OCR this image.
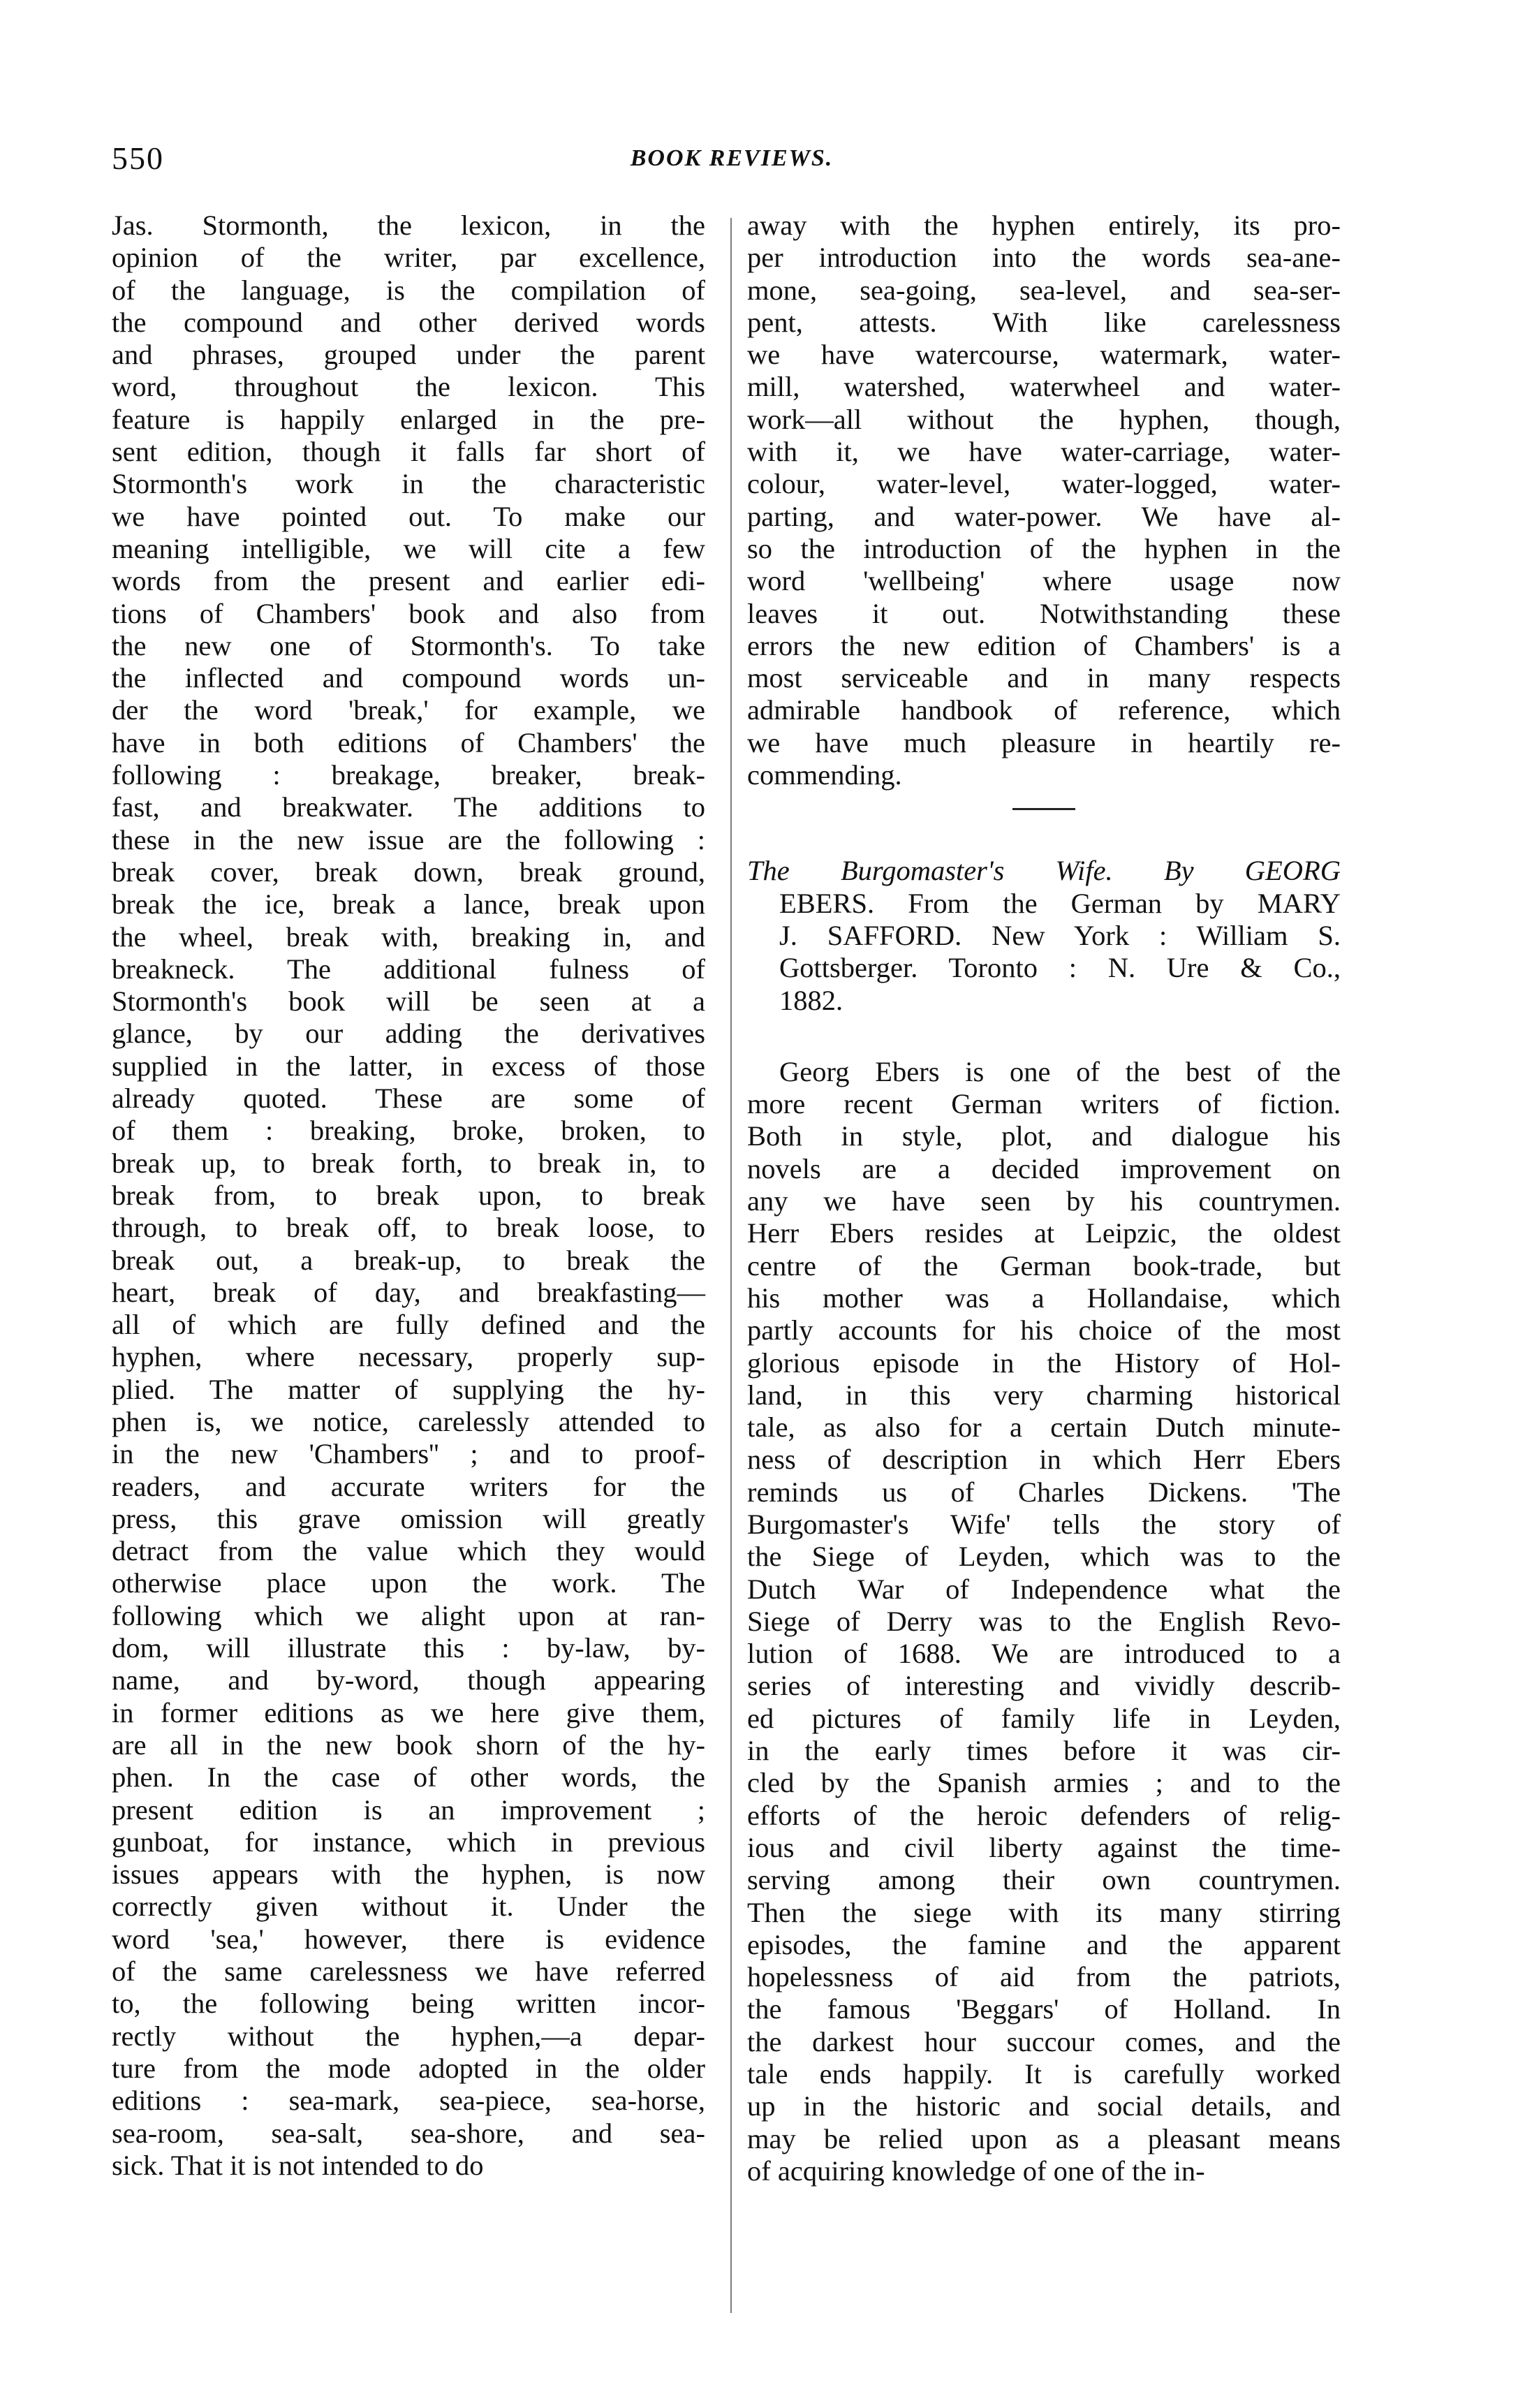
550	BOOK REVIEWS.
Jas. Stormonth, the lexicon, in the
opinion of the writer, par excellence,
of the language, is the compilation of
the compound and other derived words
and phrases, grouped under the parent
word, throughout the lexicon. This
feature is happily enlarged in the pre-
sent edition, though it falls far short of
Stormonth's work in the characteristic
we have pointed out. To make our
meaning intelligible, we will cite a few
words from the present and earlier edi-
tions of Chambers' book and also from
the new one of Stormonth's. To take
the inflected and compound words un-
der the word 'break,' for example, we
have in both editions of Chambers' the
following : breakage, breaker, break-
fast, and breakwater. The additions to
these in the new issue are the following :
break cover, break down, break ground,
break the ice, break a lance, break upon
the wheel, break with, breaking in, and
breakneck. The additional fulness of
Stormonth's book will be seen at a
glance, by our adding the derivatives
supplied in the latter, in excess of those
already quoted. These are some of
of them : breaking, broke, broken, to
break up, to break forth, to break in, to
break from, to break upon, to break
through, to break off, to break loose, to
break out, a break-up, to break the
heart, break of day, and breakfasting—
all of which are fully defined and the
hyphen, where necessary, properly sup-
plied. The matter of supplying the hy-
phen is, we notice, carelessly attended to
in the new 'Chambers'' ; and to proof-
readers, and accurate writers for the
press, this grave omission will greatly
detract from the value which they would
otherwise place upon the work. The
following which we alight upon at ran-
dom, will illustrate this : by-law, by-
name, and by-word, though appearing
in former editions as we here give them,
are all in the new book shorn of the hy-
phen. In the case of other words, the
present edition is an improvement ;
gunboat, for instance, which in previous
issues appears with the hyphen, is now
correctly given without it. Under the
word 'sea,' however, there is evidence
of the same carelessness we have referred
to, the following being written incor-
rectly without the hyphen,—a depar-
ture from the mode adopted in the older
editions : sea-mark, sea-piece, sea-horse,
sea-room, sea-salt, sea-shore, and sea-
sick. That it is not intended to do
away with the hyphen entirely, its pro-
per introduction into the words sea-ane-
mone, sea-going, sea-level, and sea-ser-
pent, attests. With like carelessness
we have watercourse, watermark, water-
mill, watershed, waterwheel and water-
work—all without the hyphen, though,
with it, we have water-carriage, water-
colour, water-level, water-logged, water-
parting, and water-power. We have al-
so the introduction of the hyphen in the
word 'wellbeing' where usage now
leaves it out. Notwithstanding these
errors the new edition of Chambers' is a
most serviceable and in many respects
admirable handbook of reference, which
we have much pleasure in heartily re-
commending.
The Burgomaster's Wife. By GEORG
EBERS. From the German by MARY
J. SAFFORD. New York : William S.
Gottsberger. Toronto : N. Ure & Co.,
1882.
Georg Ebers is one of the best of the
more recent German writers of fiction.
Both in style, plot, and dialogue his
novels are a decided improvement on
any we have seen by his countrymen.
Herr Ebers resides at Leipzic, the oldest
centre of the German book-trade, but
his mother was a Hollandaise, which
partly accounts for his choice of the most
glorious episode in the History of Hol-
land, in this very charming historical
tale, as also for a certain Dutch minute-
ness of description in which Herr Ebers
reminds us of Charles Dickens. 'The
Burgomaster's Wife' tells the story of
the Siege of Leyden, which was to the
Dutch War of Independence what the
Siege of Derry was to the English Revo-
lution of 1688. We are introduced to a
series of interesting and vividly describ-
ed pictures of family life in Leyden,
in the early times before it was cir-
cled by the Spanish armies ; and to the
efforts of the heroic defenders of relig-
ious and civil liberty against the time-
serving among their own countrymen.
Then the siege with its many stirring
episodes, the famine and the apparent
hopelessness of aid from the patriots,
the famous 'Beggars' of Holland. In
the darkest hour succour comes, and the
tale ends happily. It is carefully worked
up in the historic and social details, and
may be relied upon as a pleasant means
of acquiring knowledge of one of the in-
